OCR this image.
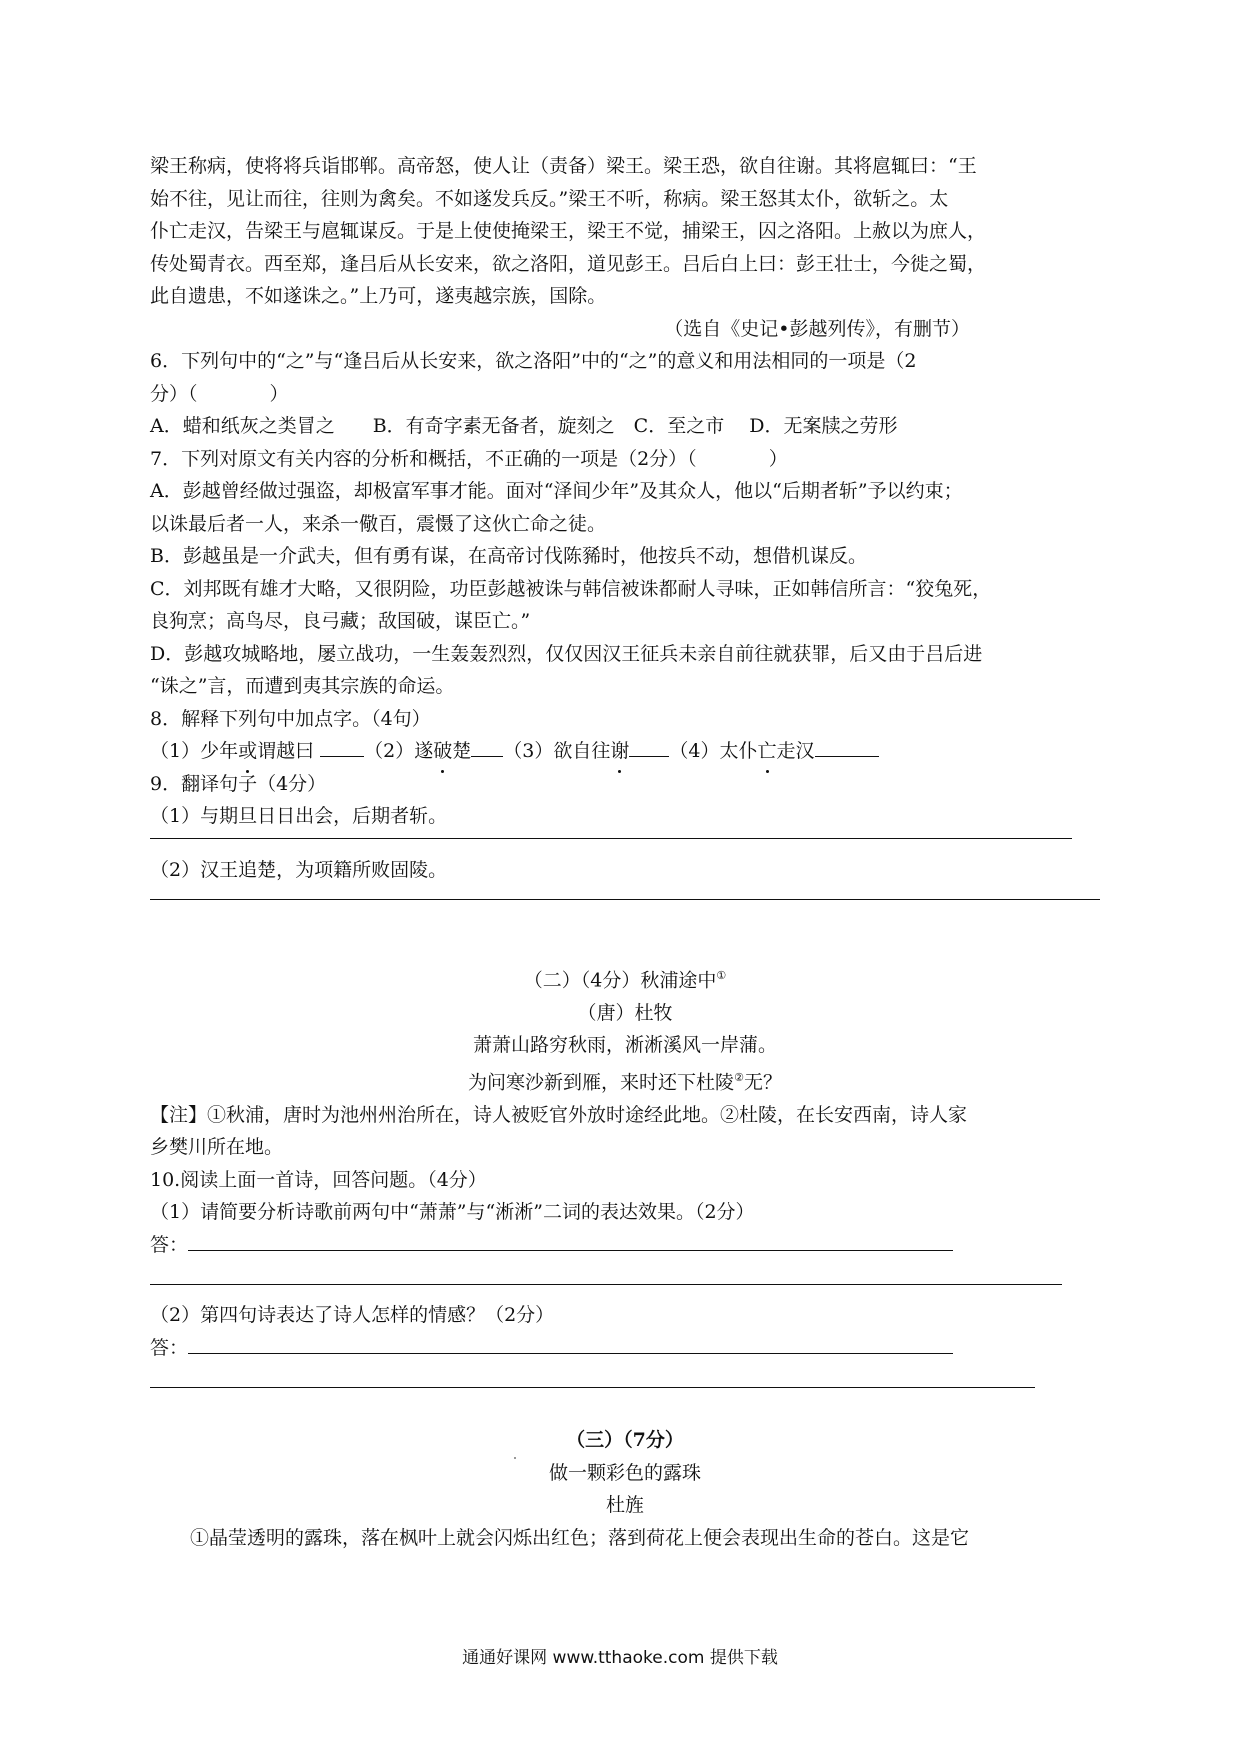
梁王称病，使将将兵诣邯郸。高帝怒，使人让（责备）梁王。梁王恐，欲自往谢。其将扈辄曰：“王

始不往，见让而往，往则为禽矣。不如遂发兵反。”梁王不听，称病。梁王怒其太仆，欲斩之。太

仆亡走汉，告梁王与扈辄谋反。于是上使使掩梁王，梁王不觉，捕梁王，囚之洛阳。上赦以为庶人，

传处蜀青衣。西至郑，逢吕后从长安来，欲之洛阳，道见彭王。吕后白上曰：彭王壮士，今徙之蜀，

此自遗患，不如遂诛之。”上乃可，遂夷越宗族，国除。

（选自《史记•彭越列传》，有删节）

6．下列句中的“之”与“逢吕后从长安来，欲之洛阳”中的“之”的意义和用法相同的一项是（2

分）（	）

A．蜡和纸灰之类冒之　　B．有奇字素无备者，旋刻之　C．至之市　 D．无案牍之劳形

7．下列对原文有关内容的分析和概括，不正确的一项是（2分）（	）

A．彭越曾经做过强盗，却极富军事才能。面对“泽间少年”及其众人，他以“后期者斩”予以约束；

以诛最后者一人，来杀一儆百，震慑了这伙亡命之徒。

B．彭越虽是一介武夫，但有勇有谋，在高帝讨伐陈豨时，他按兵不动，想借机谋反。

C．刘邦既有雄才大略，又很阴险，功臣彭越被诛与韩信被诛都耐人寻味，正如韩信所言：“狡兔死，

良狗烹；高鸟尽，良弓藏；敌国破，谋臣亡。”

D．彭越攻城略地，屡立战功，一生轰轰烈烈，仅仅因汉王征兵未亲自前往就获罪，后又由于吕后进

“诛之”言，而遭到夷其宗族的命运。

8．解释下列句中加点字。（4句）

（1）少年或谓越曰	（2）遂破楚 （3）欲自往谢 （4）太仆亡走汉

9．翻译句子（4分）

（1）与期旦日日出会，后期者斩。

（2）汉王追楚，为项籍所败固陵。

（二）（4分）秋浦途中①

（唐）杜牧

萧萧山路穷秋雨，淅淅溪风一岸蒲。

为问寒沙新到雁，来时还下杜陵②无？

【注】①秋浦，唐时为池州州治所在，诗人被贬官外放时途经此地。②杜陵，在长安西南，诗人家

乡樊川所在地。

10.阅读上面一首诗，回答问题。（4分）

（1）请简要分析诗歌前两句中“萧萧”与“淅淅”二词的表达效果。（2分）

答：

（2）第四句诗表达了诗人怎样的情感？（2分）

答：

（三）（7分）

做一颗彩色的露珠

杜旌

①晶莹透明的露珠，落在枫叶上就会闪烁出红色；落到荷花上便会表现出生命的苍白。这是它

通通好课网 www.tthaoke.com 提供下载
